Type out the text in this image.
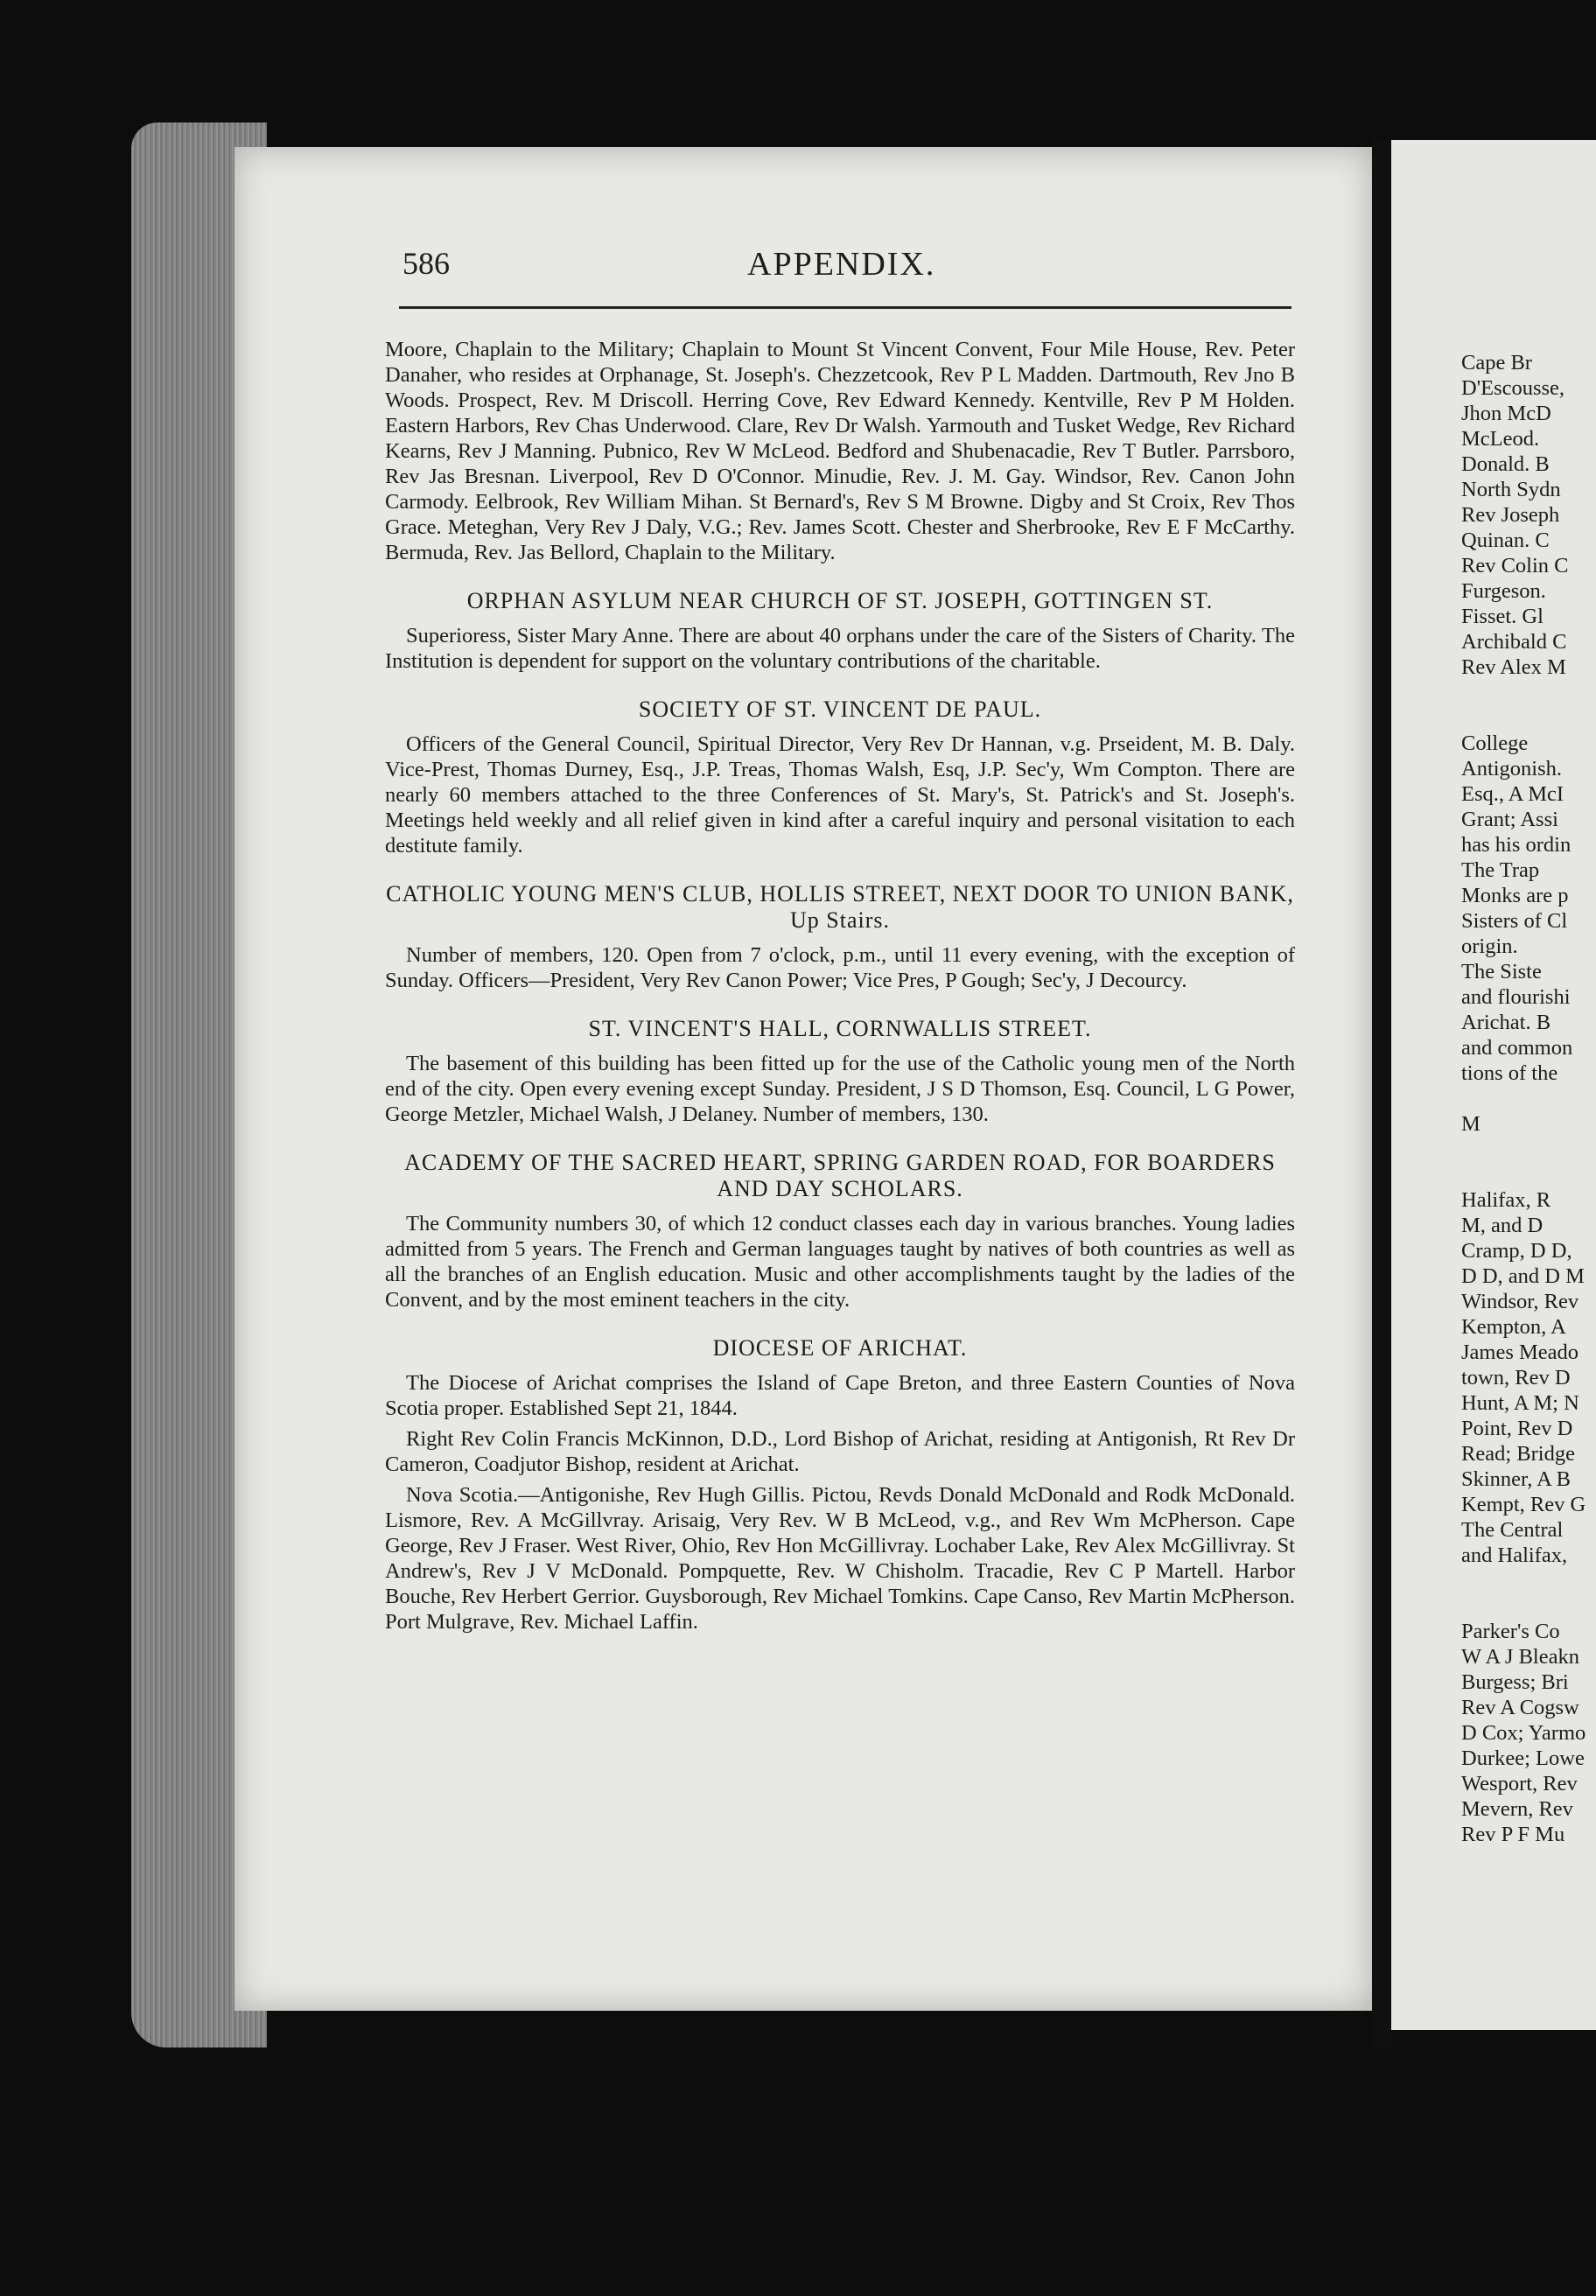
586	APPENDIX.

Moore, Chaplain to the Military; Chaplain to Mount St Vincent Convent, Four Mile House, Rev. Peter Danaher, who resides at Orphanage, St. Joseph's. Chezzetcook, Rev P L Madden. Dartmouth, Rev Jno B Woods. Prospect, Rev. M Driscoll. Herring Cove, Rev Edward Kennedy. Kentville, Rev P M Holden. Eastern Harbors, Rev Chas Underwood. Clare, Rev Dr Walsh. Yarmouth and Tusket Wedge, Rev Richard Kearns, Rev J Manning. Pubnico, Rev W McLeod. Bedford and Shubenacadie, Rev T Butler. Parrsboro, Rev Jas Bresnan. Liverpool, Rev D O'Connor. Minudie, Rev. J. M. Gay. Windsor, Rev. Canon John Carmody. Eelbrook, Rev William Mihan. St Bernard's, Rev S M Browne. Digby and St Croix, Rev Thos Grace. Meteghan, Very Rev J Daly, V.G.; Rev. James Scott. Chester and Sherbrooke, Rev E F McCarthy. Bermuda, Rev. Jas Bellord, Chaplain to the Military.

ORPHAN ASYLUM NEAR CHURCH OF ST. JOSEPH, GOTTINGEN ST.

Superioress, Sister Mary Anne. There are about 40 orphans under the care of the Sisters of Charity. The Institution is dependent for support on the voluntary contributions of the charitable.

SOCIETY OF ST. VINCENT DE PAUL.

Officers of the General Council, Spiritual Director, Very Rev Dr Hannan, v.g. Prseident, M. B. Daly. Vice-Prest, Thomas Durney, Esq., J.P. Treas, Thomas Walsh, Esq, J.P. Sec'y, Wm Compton. There are nearly 60 members attached to the three Conferences of St. Mary's, St. Patrick's and St. Joseph's. Meetings held weekly and all relief given in kind after a careful inquiry and personal visitation to each destitute family.

CATHOLIC YOUNG MEN'S CLUB, HOLLIS STREET, NEXT DOOR TO UNION BANK, Up Stairs.

Number of members, 120. Open from 7 o'clock, p.m., until 11 every evening, with the exception of Sunday. Officers—President, Very Rev Canon Power; Vice Pres, P Gough; Sec'y, J Decourcy.

ST. VINCENT'S HALL, CORNWALLIS STREET.

The basement of this building has been fitted up for the use of the Catholic young men of the North end of the city. Open every evening except Sunday. President, J S D Thomson, Esq. Council, L G Power, George Metzler, Michael Walsh, J Delaney. Number of members, 130.

ACADEMY OF THE SACRED HEART, SPRING GARDEN ROAD, FOR BOARDERS AND DAY SCHOLARS.

The Community numbers 30, of which 12 conduct classes each day in various branches. Young ladies admitted from 5 years. The French and German languages taught by natives of both countries as well as all the branches of an English education. Music and other accomplishments taught by the ladies of the Convent, and by the most eminent teachers in the city.

DIOCESE OF ARICHAT.

The Diocese of Arichat comprises the Island of Cape Breton, and three Eastern Counties of Nova Scotia proper. Established Sept 21, 1844.

Right Rev Colin Francis McKinnon, D.D., Lord Bishop of Arichat, residing at Antigonish, Rt Rev Dr Cameron, Coadjutor Bishop, resident at Arichat.

Nova Scotia.—Antigonishe, Rev Hugh Gillis. Pictou, Revds Donald McDonald and Rodk McDonald. Lismore, Rev. A McGillvray. Arisaig, Very Rev. W B McLeod, v.g., and Rev Wm McPherson. Cape George, Rev J Fraser. West River, Ohio, Rev Hon McGillivray. Lochaber Lake, Rev Alex McGillivray. St Andrew's, Rev J V McDonald. Pompquette, Rev. W Chisholm. Tracadie, Rev C P Martell. Harbor Bouche, Rev Herbert Gerrior. Guysborough, Rev Michael Tomkins. Cape Canso, Rev Martin McPherson. Port Mulgrave, Rev. Michael Laffin.

Cape Br
D'Escousse,
Jhon McD
McLeod.
Donald. B
North Sydn
Rev Joseph
Quinan. C
Rev Colin C
Furgeson.
Fisset. Gl
Archibald C
Rev Alex M
College
Antigonish.
Esq., A McI
Grant; Assi
has his ordin
The Trap
Monks are p
Sisters of Cl
origin.
The Siste
and flourishi
Arichat. B
and common
tions of the
M
Halifax, R
M, and D
Cramp, D D,
D D, and D M
Windsor, Rev
Kempton, A
James Meado
town, Rev D
Hunt, A M; N
Point, Rev D
Read; Bridge
Skinner, A B
Kempt, Rev G
The Central
and Halifax,
Parker's Co
W A J Bleakn
Burgess; Bri
Rev A Cogsw
D Cox; Yarmo
Durkee; Lowe
Wesport, Rev
Mevern, Rev
Rev P F Mu
